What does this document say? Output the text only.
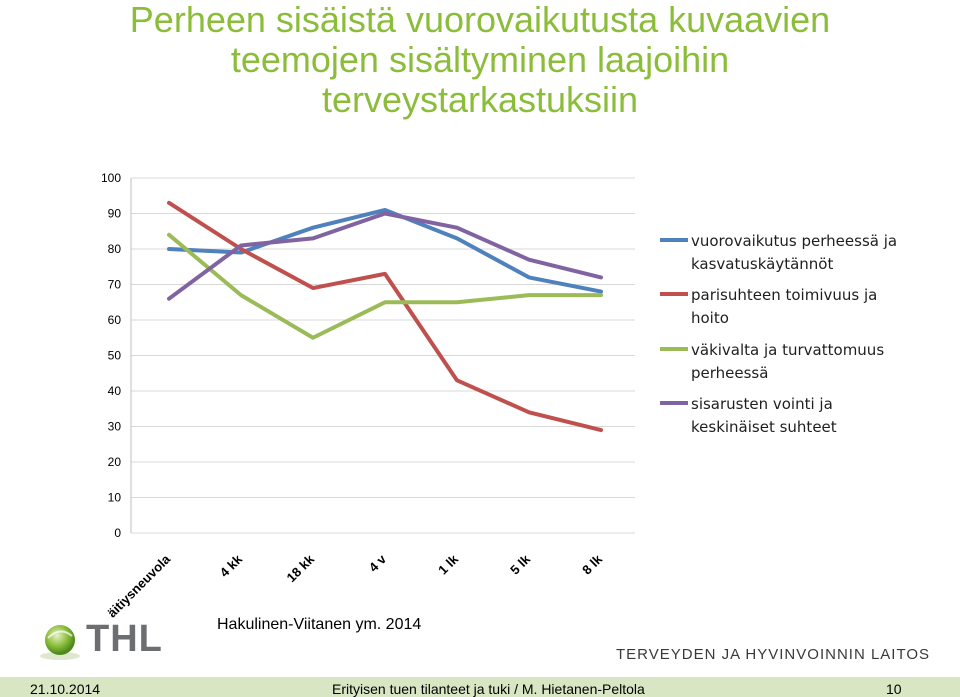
Perheen sisäistä vuorovaikutusta kuvaavien
teemojen sisältyminen laajoihin
terveystarkastuksiin
0
10
20
30
40
50
60
70
80
90
100
äitiysneuvola	4 kk	18 kk	4 v	1 lk	5 lk	8 lk
vuorovaikutus perheessä ja
kasvatuskäytännöt
parisuhteen toimivuus ja
hoito
väkivalta ja turvattomuus
perheessä
sisarusten vointi ja
keskinäiset suhteet
Hakulinen-Viitanen ym. 2014
THL	TERVEYDEN JA HYVINVOINNIN LAITOS
21.10.2014	Erityisen tuen tilanteet ja tuki / M. Hietanen-Peltola	10
